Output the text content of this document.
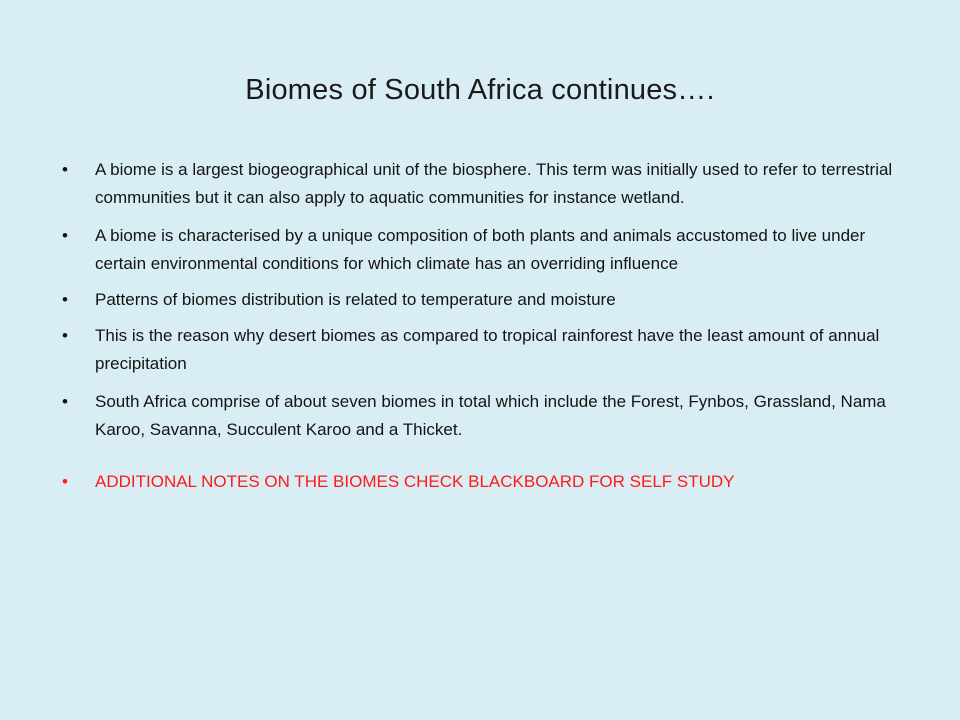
Biomes of South Africa continues….
•	A biome is a largest biogeographical unit of the biosphere. This term was initially used to refer to terrestrial communities but it can also apply to aquatic communities for instance wetland.
•	A biome is characterised by a unique composition of both plants and animals accustomed to live under certain environmental conditions for which climate has an overriding influence
•	Patterns of biomes distribution is related to temperature and moisture
•	This is the reason why desert biomes as compared to tropical rainforest have the least amount of annual precipitation
•	South Africa comprise of about seven biomes in total which include the Forest, Fynbos, Grassland, Nama Karoo, Savanna, Succulent Karoo and a Thicket.
•	ADDITIONAL NOTES ON THE BIOMES CHECK BLACKBOARD FOR SELF STUDY
